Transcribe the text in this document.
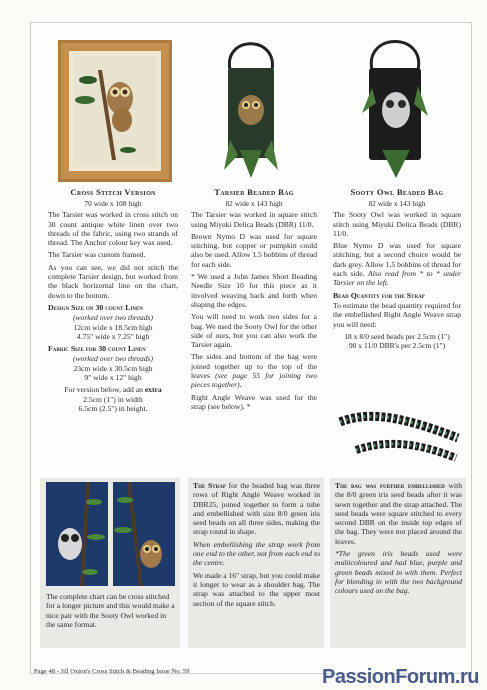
Cross Stitch Version
70 wide x 108 high

The Tarsier was worked in cross stitch on 30 count antique white linen over two threads of the fabric, using two strands of thread. The Anchor colour key was used.

The Tarsier was custom framed.

As you can see, we did not stitch the complete Tarsier design, but worked from the black horizontal line on the chart, down to the bottom.

Design Size on 30 count Linen
(worked over two threads)
12cm wide x 18.5cm high
4.75" wide x 7.25" high
Fabric Size for 30 count Linen
(worked over two threads)
23cm wide x 30.5cm high
9" wide x 12" high
For version below, add an extra
2.5cm (1") in width
6.5cm (2.5") in height.
The complete chart can be cross stitched for a longer picture and this would make a nice pair with the Sooty Owl worked in the same format.
Tarsier Beaded Bag
82 wide x 143 high

The Tarsier was worked in square stitch using Miyuki Delica Beads (DBR) 11/0.

Brown Nymo D was used for square stitching, but copper or pumpkin could also be used. Allow 1.5 bobbins of thread for each side.

* We used a John James Short Beading Needle Size 10 for this piece as it involved weaving back and forth when shaping the edges.

You will need to work two sides for a bag. We used the Sooty Owl for the other side of ours, but you can also work the Tarsier again.

The sides and bottom of the bag were joined together up to the top of the leaves (see page 55 for joining two pieces together).

Right Angle Weave was used for the strap (see below). *

Sooty Owl Beaded Bag
82 wide x 143 high

The Sooty Owl was worked in square stitch using Miyuki Delica Beads (DBR) 11/0.

Blue Nymo D was used for square stitching, but a second choice would be dark grey. Allow 1.5 bobbins of thread for each side. Also read from * to * under Tarsier on the left.

Bead Quantity for the Strap

To estimate the bead quantity required for the embellished Right Angle Weave strap you will need:

18 x 8/0 seed beads per 2.5cm (1")
90 x 11/0 DBR's per 2.5cm (1")

The Strap for the beaded bag was three rows of Right Angle Weave worked in DBR25, joined together to form a tube and embellished with size 8/0 green iris seed beads on all three sides, making the strap round in shape.

When embellishing the strap work from one end to the other, not from each end to the centre.

We made a 16" strap, but you could make it longer to wear as a shoulder bag. The strap was attached to the upper most section of the square stitch.

The bag was further embellished with the 8/0 green iris seed beads after it was sewn together and the strap attached. The seed beads were square stitched to every second DBR on the inside top edges of the bag. They were not placed around the leaves.

*The green iris beads used were multicoloured and had blue, purple and green beads mixed in with them. Perfect for blending in with the two background colours used on the bag.

Page 48 - Jill Oxton's Cross Stitch & Beading Issue No. 59	PassionForum.ru
